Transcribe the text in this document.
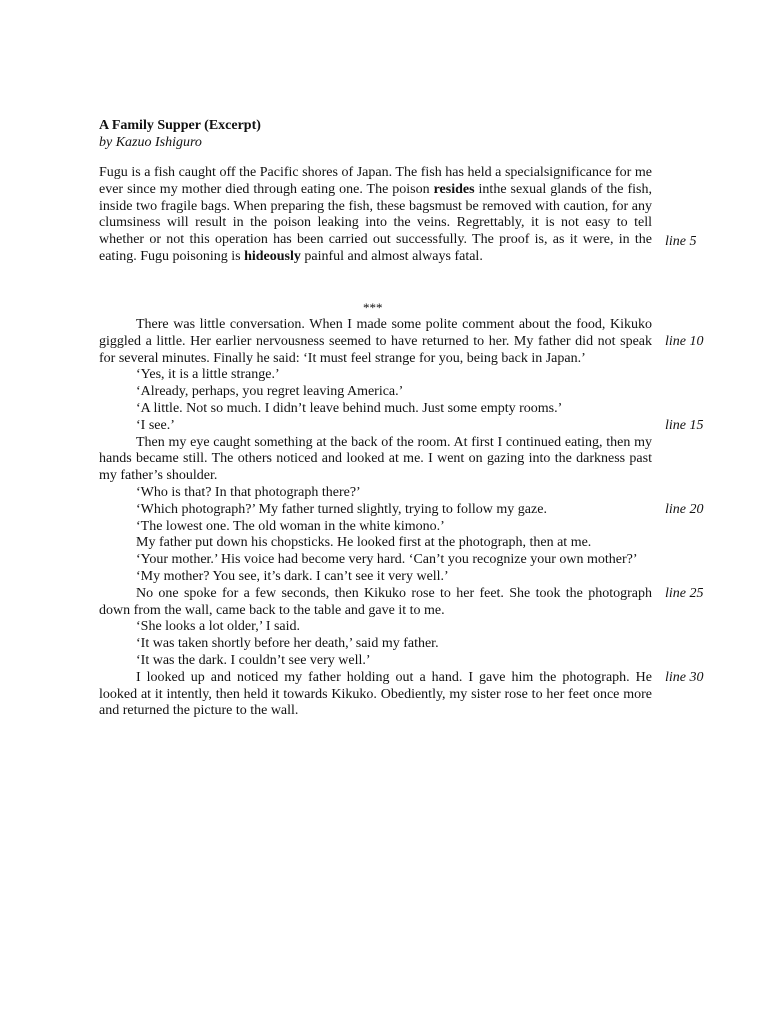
A Family Supper (Excerpt)
by Kazuo Ishiguro
Fugu is a fish caught off the Pacific shores of Japan. The fish has held a specialsignificance for me ever since my mother died through eating one. The poison resides inthe sexual glands of the fish, inside two fragile bags. When preparing the fish, these bagsmust be removed with caution, for any clumsiness will result in the poison leaking into the veins. Regrettably, it is not easy to tell whether or not this operation has been carried out successfully. The proof is, as it were, in the eating. Fugu poisoning is hideously painful and almost always fatal.
***

There was little conversation. When I made some polite comment about the food, Kikuko giggled a little. Her earlier nervousness seemed to have returned to her. My father did not speak for several minutes. Finally he said: ‘It must feel strange for you, being back in Japan.’

‘Yes, it is a little strange.’

‘Already, perhaps, you regret leaving America.’

‘A little. Not so much. I didn’t leave behind much. Just some empty rooms.’

‘I see.’

Then my eye caught something at the back of the room. At first I continued eating, then my hands became still. The others noticed and looked at me. I went on gazing into the darkness past my father’s shoulder.

‘Who is that? In that photograph there?’

‘Which photograph?’ My father turned slightly, trying to follow my gaze.

‘The lowest one. The old woman in the white kimono.’

My father put down his chopsticks. He looked first at the photograph, then at me.

‘Your mother.’ His voice had become very hard. ‘Can’t you recognize your own mother?’

‘My mother? You see, it’s dark. I can’t see it very well.’

No one spoke for a few seconds, then Kikuko rose to her feet. She took the photograph down from the wall, came back to the table and gave it to me.

‘She looks a lot older,’ I said.

‘It was taken shortly before her death,’ said my father.

‘It was the dark. I couldn’t see very well.’

I looked up and noticed my father holding out a hand. I gave him the photograph. He looked at it intently, then held it towards Kikuko. Obediently, my sister rose to her feet once more and returned the picture to the wall.

line 5
line 10
line 15
line 20
line 25
line 30
